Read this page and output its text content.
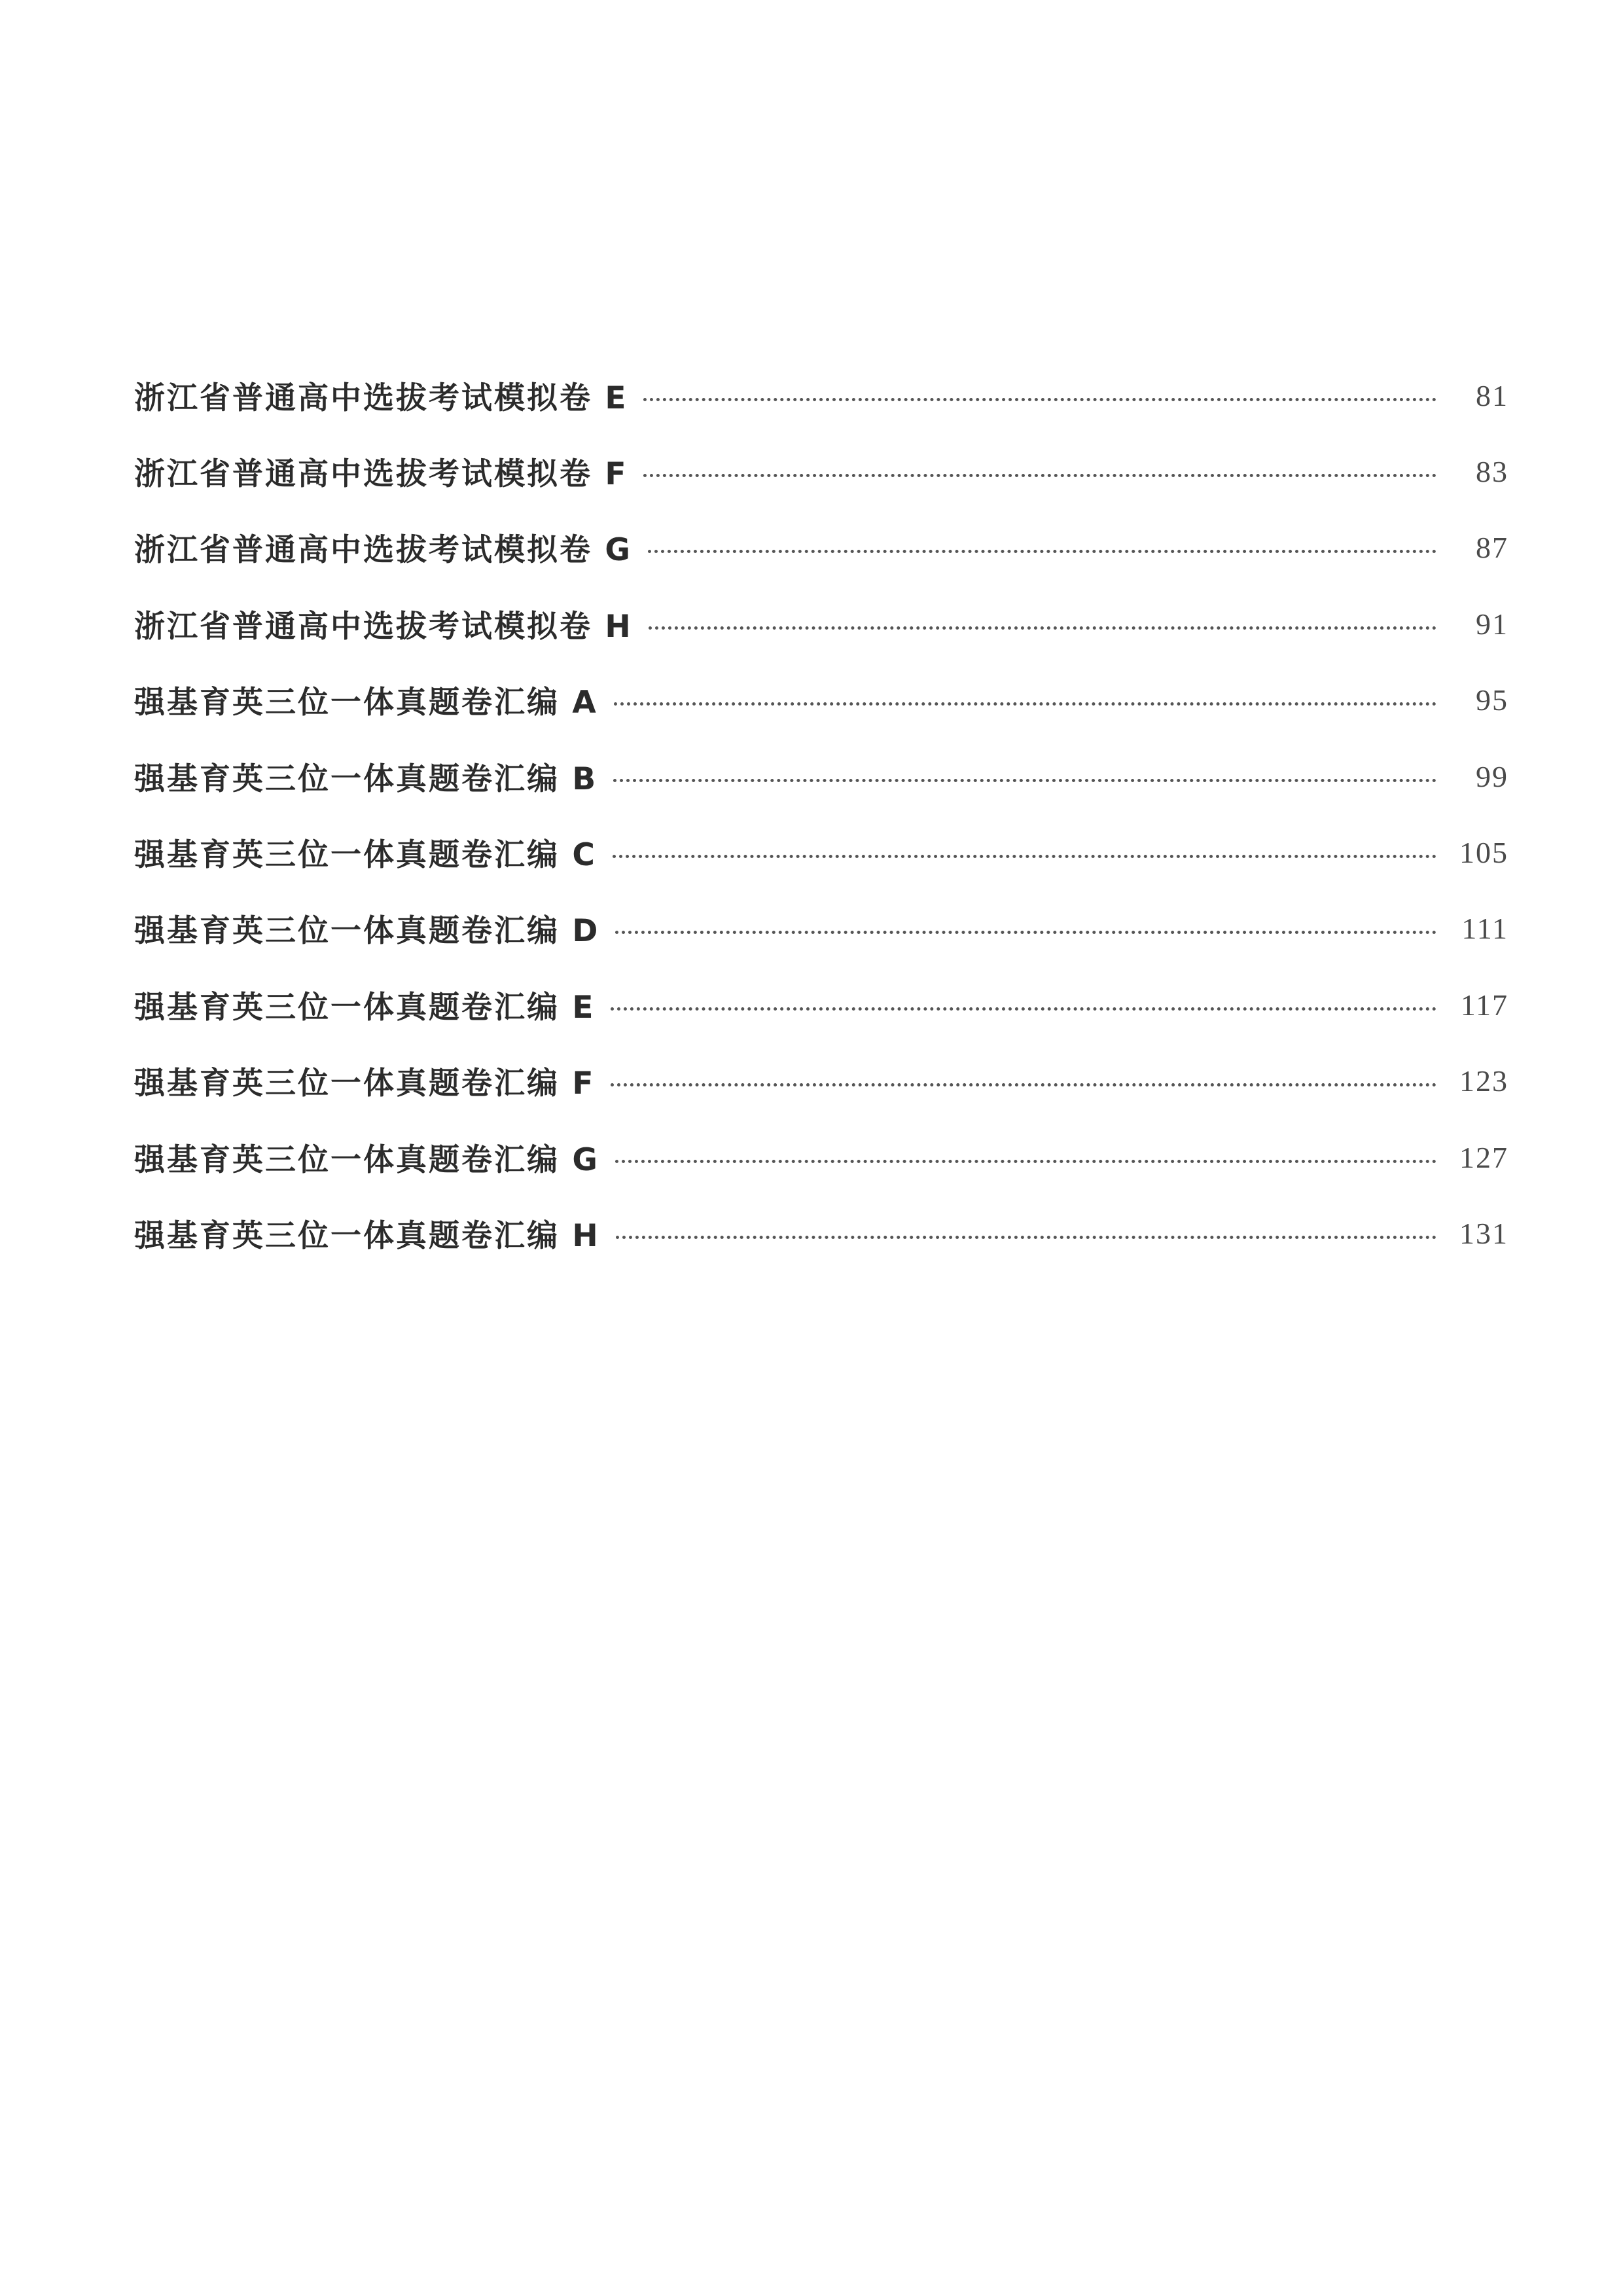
浙江省普通高中选拔考试模拟卷 E	81
浙江省普通高中选拔考试模拟卷 F	83
浙江省普通高中选拔考试模拟卷 G	87
浙江省普通高中选拔考试模拟卷 H	91
强基育英三位一体真题卷汇编 A	95
强基育英三位一体真题卷汇编 B	99
强基育英三位一体真题卷汇编 C	105
强基育英三位一体真题卷汇编 D	111
强基育英三位一体真题卷汇编 E	117
强基育英三位一体真题卷汇编 F	123
强基育英三位一体真题卷汇编 G	127
强基育英三位一体真题卷汇编 H	131
